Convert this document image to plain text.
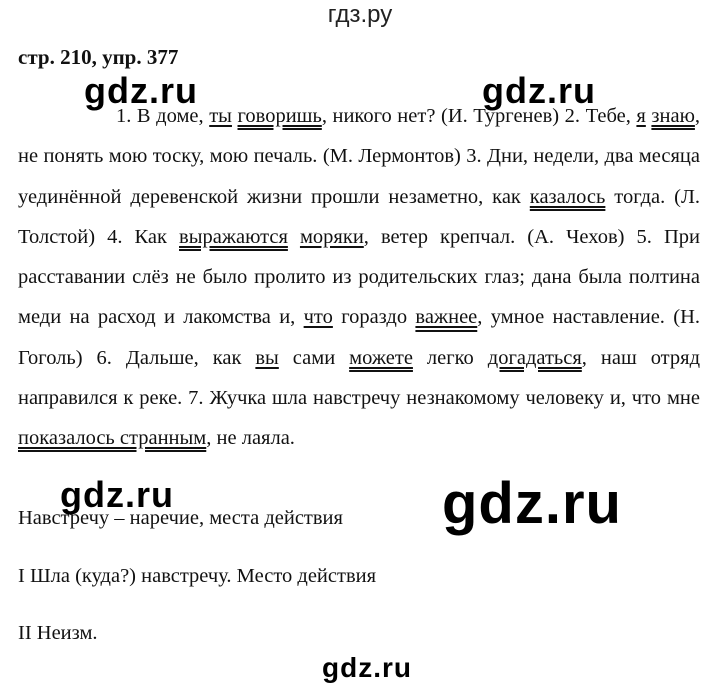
гдз.ру
стр. 210, упр. 377
1. В доме, ты говоришь, никого нет? (И. Тургенев) 2. Тебе, я знаю, не понять мою тоску, мою печаль. (М. Лермонтов) 3. Дни, недели, два месяца уединённой деревенской жизни прошли незаметно, как казалось тогда. (Л. Толстой) 4. Как выражаются моряки, ветер крепчал. (А. Чехов) 5. При расставании слёз не было пролито из родительских глаз; дана была полтина меди на расход и лакомства и, что гораздо важнее, умное наставление. (Н. Гоголь) 6. Дальше, как вы сами можете легко догадаться, наш отряд направился к реке. 7. Жучка шла навстречу незнакомому человеку и, что мне показалось странным, не лаяла.
Навстречу – наречие, места действия
I Шла (куда?) навстречу. Место действия
II Неизм.
gdz.ru	gdz.ru
gdz.ru	gdz.ru
gdz.ru
